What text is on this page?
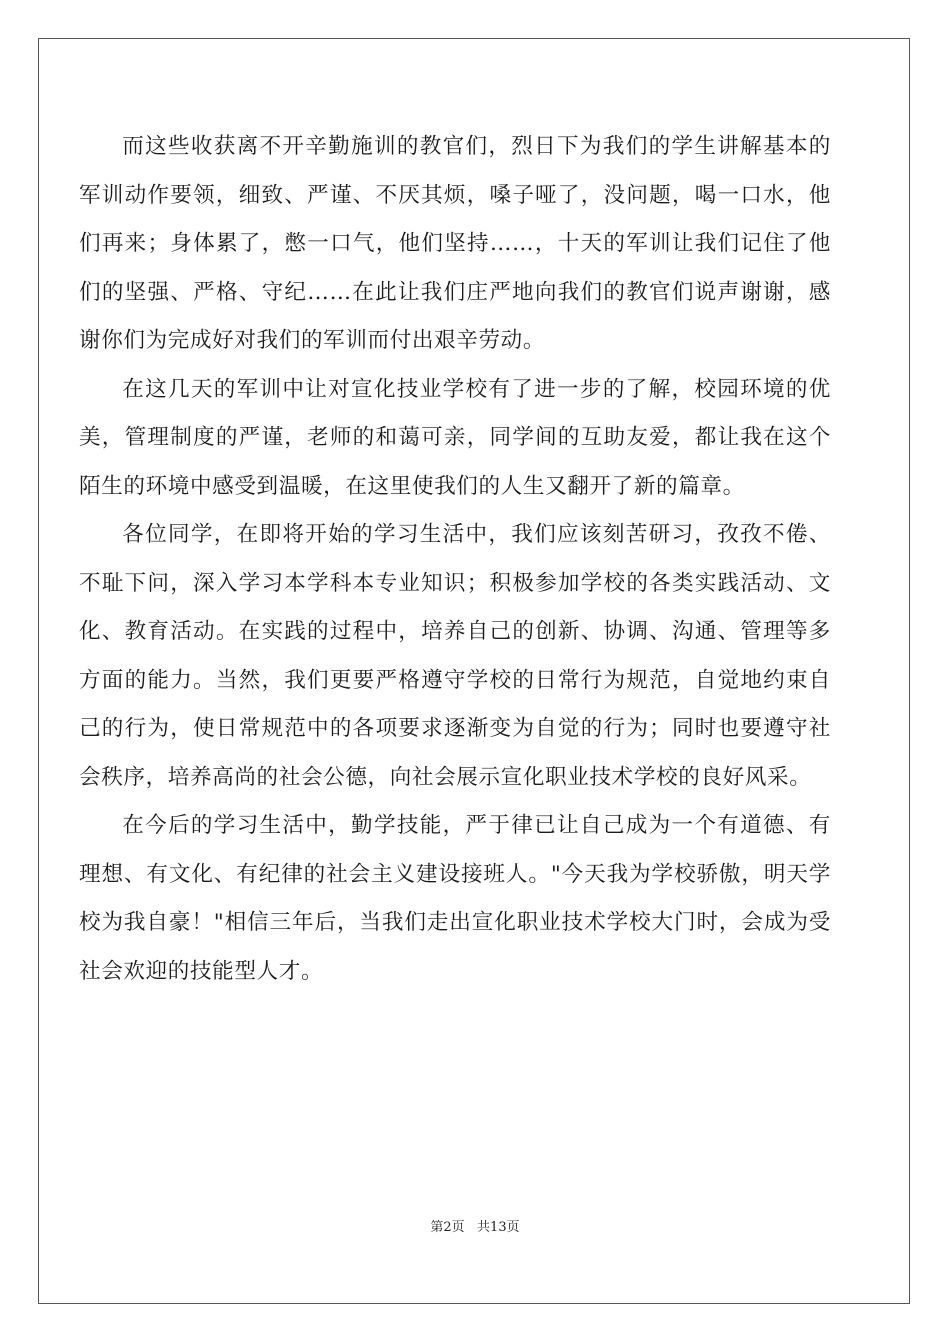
而这些收获离不开辛勤施训的教官们，烈日下为我们的学生讲解基本的军训动作要领，细致、严谨、不厌其烦，嗓子哑了，没问题，喝一口水，他们再来；身体累了，憋一口气，他们坚持……，十天的军训让我们记住了他们的坚强、严格、守纪……在此让我们庄严地向我们的教官们说声谢谢，感谢你们为完成好对我们的军训而付出艰辛劳动。

在这几天的军训中让对宣化技业学校有了进一步的了解，校园环境的优美，管理制度的严谨，老师的和蔼可亲，同学间的互助友爱，都让我在这个陌生的环境中感受到温暖，在这里使我们的人生又翻开了新的篇章。

各位同学，在即将开始的学习生活中，我们应该刻苦研习，孜孜不倦、不耻下问，深入学习本学科本专业知识；积极参加学校的各类实践活动、文化、教育活动。在实践的过程中，培养自己的创新、协调、沟通、管理等多方面的能力。当然，我们更要严格遵守学校的日常行为规范，自觉地约束自己的行为，使日常规范中的各项要求逐渐变为自觉的行为；同时也要遵守社会秩序，培养高尚的社会公德，向社会展示宣化职业技术学校的良好风采。

在今后的学习生活中，勤学技能，严于律已让自己成为一个有道德、有理想、有文化、有纪律的社会主义建设接班人。"今天我为学校骄傲，明天学校为我自豪！"相信三年后，当我们走出宣化职业技术学校大门时，会成为受社会欢迎的技能型人才。

第2页   共13页
